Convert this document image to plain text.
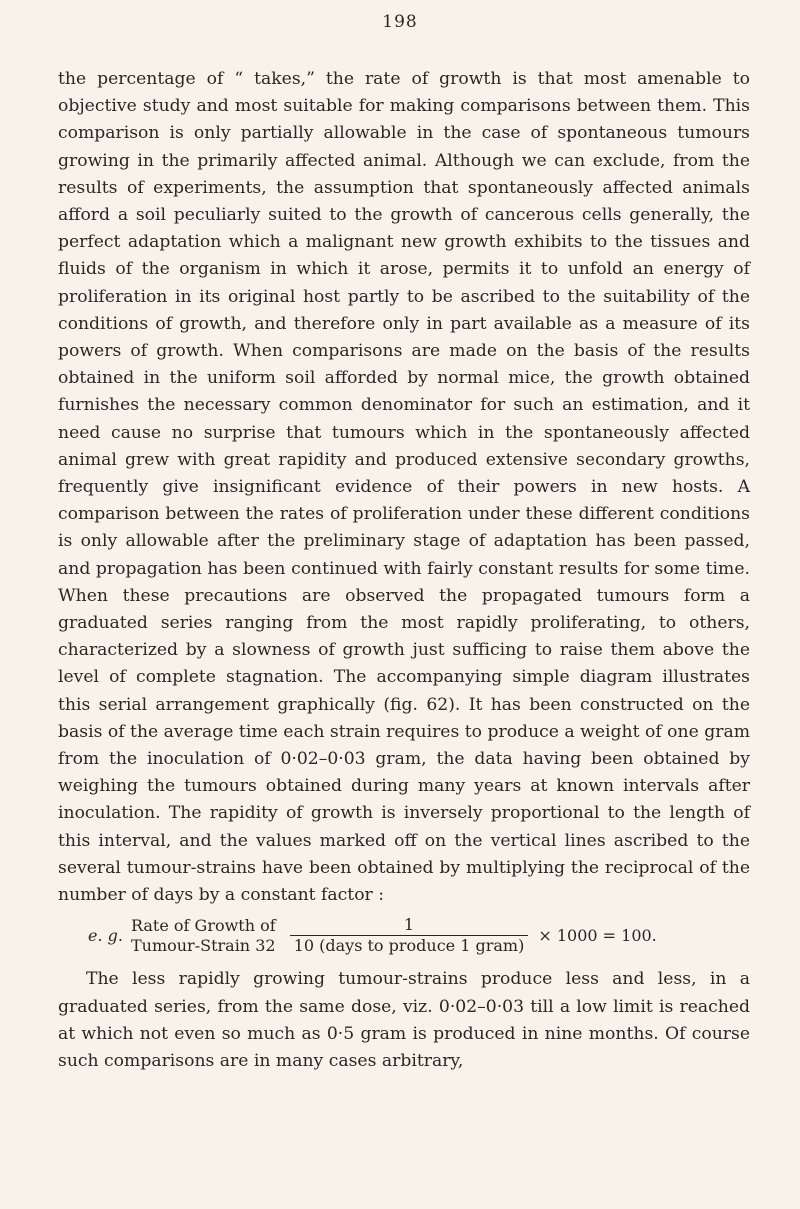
198

the percentage of “ takes,” the rate of growth is that most amenable to objective study and most suitable for making comparisons between them. This comparison is only partially allowable in the case of spontaneous tumours growing in the primarily affected animal. Although we can exclude, from the results of experiments, the assumption that spontaneously affected animals afford a soil peculiarly suited to the growth of cancerous cells generally, the perfect adaptation which a malignant new growth exhibits to the tissues and fluids of the organism in which it arose, permits it to unfold an energy of proliferation in its original host partly to be ascribed to the suitability of the conditions of growth, and therefore only in part available as a measure of its powers of growth. When comparisons are made on the basis of the results obtained in the uniform soil afforded by normal mice, the growth obtained furnishes the necessary common denominator for such an estimation, and it need cause no surprise that tumours which in the spontaneously affected animal grew with great rapidity and produced extensive secondary growths, frequently give insignificant evidence of their powers in new hosts. A comparison between the rates of proliferation under these different conditions is only allowable after the preliminary stage of adaptation has been passed, and propagation has been continued with fairly constant results for some time. When these precautions are observed the propagated tumours form a graduated series ranging from the most rapidly proliferating, to others, characterized by a slowness of growth just sufficing to raise them above the level of complete stagnation. The accompanying simple diagram illustrates this serial arrangement graphically (fig. 62). It has been constructed on the basis of the average time each strain requires to produce a weight of one gram from the inoculation of 0·02–0·03 gram, the data having been obtained by weighing the tumours obtained during many years at known intervals after inoculation. The rapidity of growth is inversely proportional to the length of this interval, and the values marked off on the vertical lines ascribed to the several tumour-strains have been obtained by multiplying the reciprocal of the number of days by a constant factor :

e. g.
Rate of Growth of
Tumour-Strain $32 \frac{1}{\text{10 (days to produce 1 gram)}} \times 1000 = 100$.

The less rapidly growing tumour-strains produce less and less, in a graduated series, from the same dose, viz. 0·02–0·03 till a low limit is reached at which not even so much as 0·5 gram is produced in nine months. Of course such comparisons are in many cases arbitrary,
